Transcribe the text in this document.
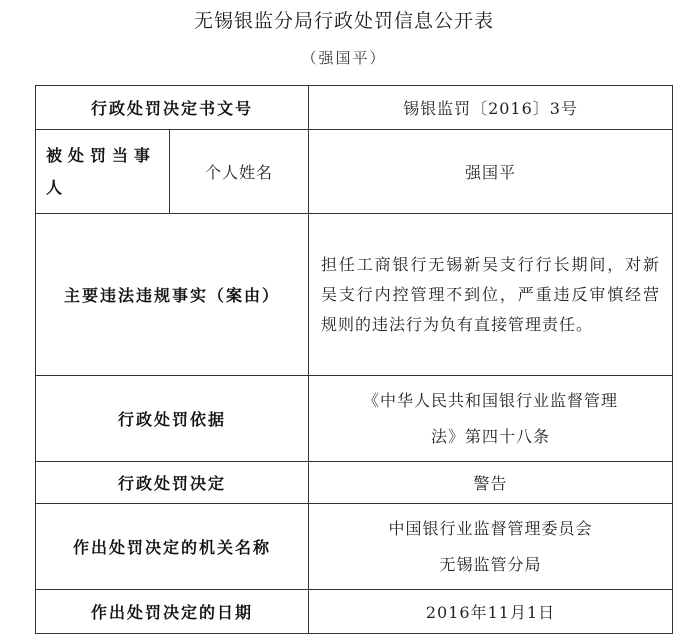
无锡银监分局行政处罚信息公开表
（强国平）
行政处罚决定书文号		锡银监罚〔2016〕3号

被处罚当事
人	个人姓名	强国平
主要违法违规事实（案由）		担任工商银行无锡新吴支行行长期间，对新吴支行内控管理不到位，严重违反审慎经营规则的违法行为负有直接管理责任。
行政处罚依据		《中华人民共和国银行业监督管理
法》第四十八条

行政处罚决定		警告
作出处罚决定的机关名称		中国银行业监督管理委员会
无锡监管分局

作出处罚决定的日期		2016年11月1日
